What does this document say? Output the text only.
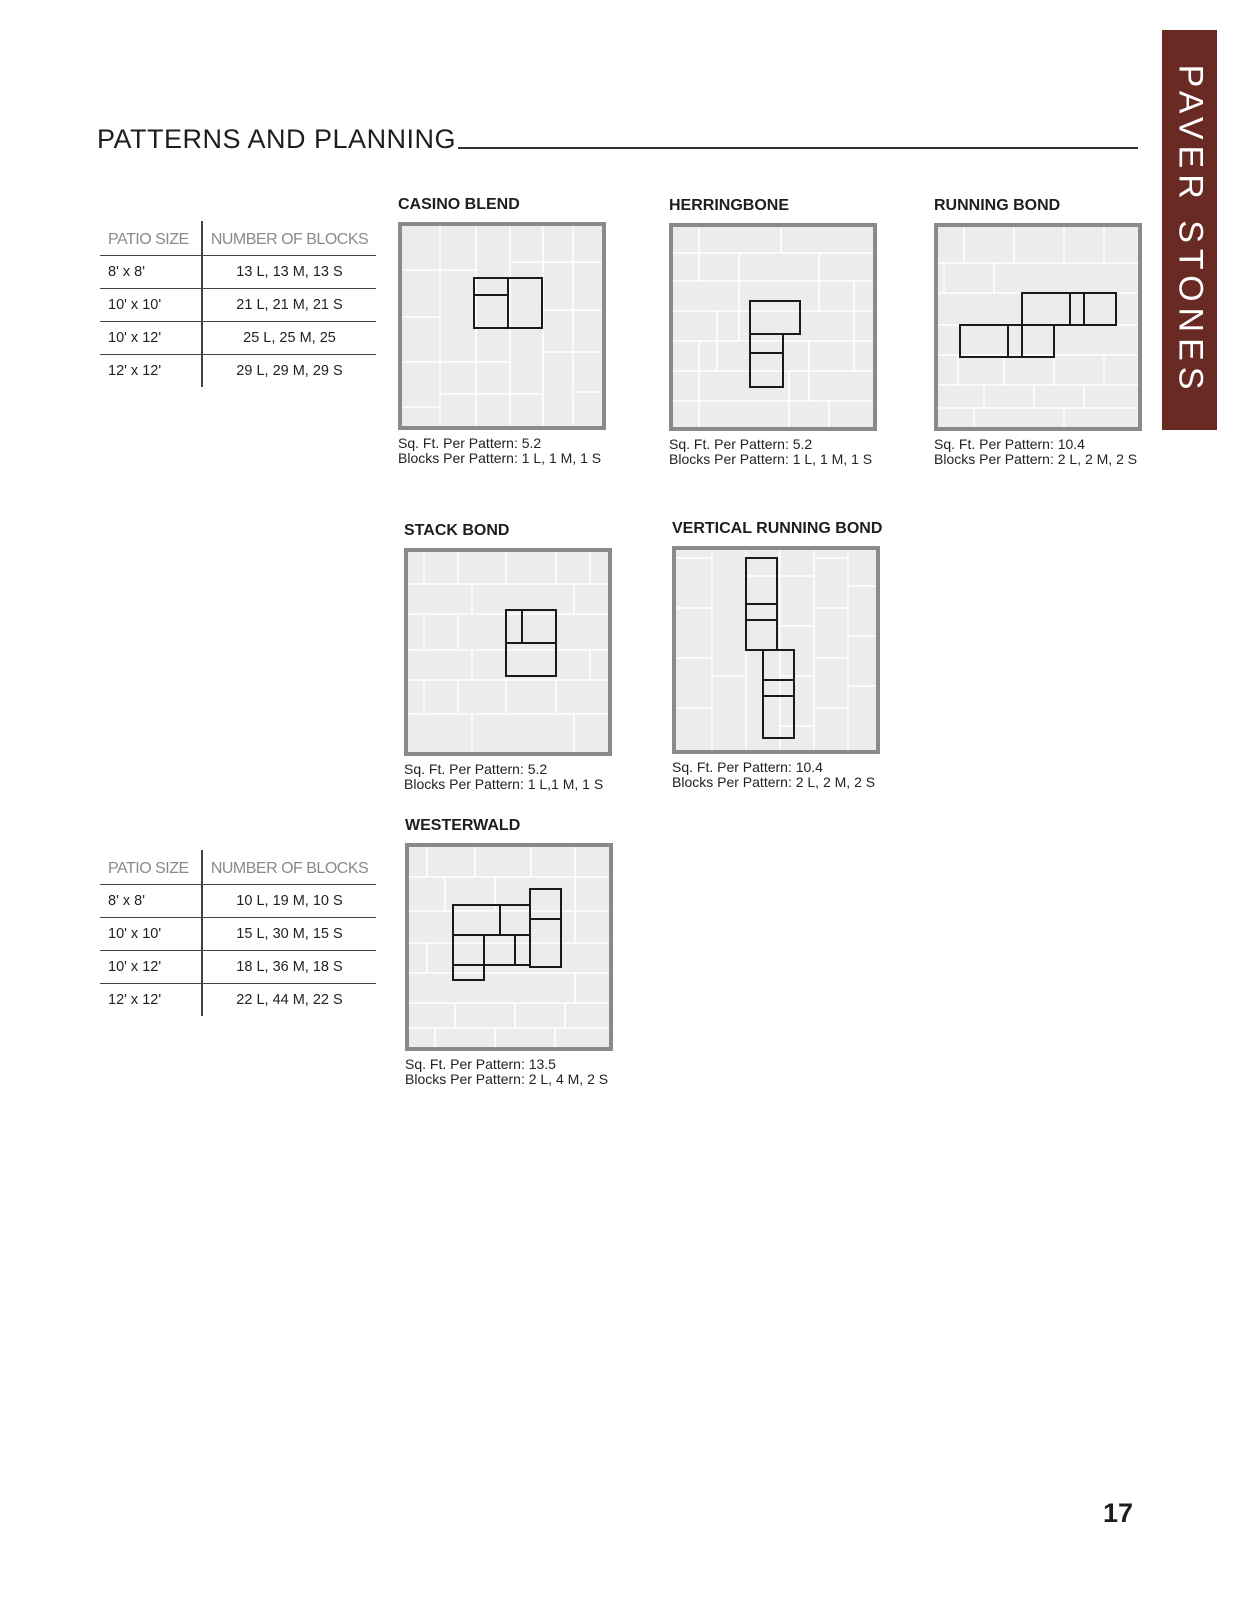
PATTERNS AND PLANNING	PAVER STONES
PATIO SIZE	NUMBER OF BLOCKS
8' x 8'	13 L, 13 M, 13 S
10' x 10'	21 L, 21 M, 21 S
10' x 12'	25 L, 25 M, 25
12' x 12'	29 L, 29 M, 29 S
PATIO SIZE	NUMBER OF BLOCKS
8' x 8'	10 L, 19 M, 10 S
10' x 10'	15 L, 30 M, 15 S
10' x 12'	18 L, 36 M, 18 S
12' x 12'	22 L, 44 M, 22 S
CASINO BLEND
Sq. Ft. Per Pattern: 5.2
Blocks Per Pattern: 1 L, 1 M, 1 S
HERRINGBONE
Sq. Ft. Per Pattern: 5.2
Blocks Per Pattern: 1 L, 1 M, 1 S
RUNNING BOND
Sq. Ft. Per Pattern: 10.4
Blocks Per Pattern: 2 L, 2 M, 2 S
STACK BOND
Sq. Ft. Per Pattern: 5.2
Blocks Per Pattern: 1 L,1 M, 1 S
VERTICAL RUNNING BOND
Sq. Ft. Per Pattern: 10.4
Blocks Per Pattern: 2 L, 2 M, 2 S
WESTERWALD
Sq. Ft. Per Pattern: 13.5
Blocks Per Pattern: 2 L, 4 M, 2 S
17
